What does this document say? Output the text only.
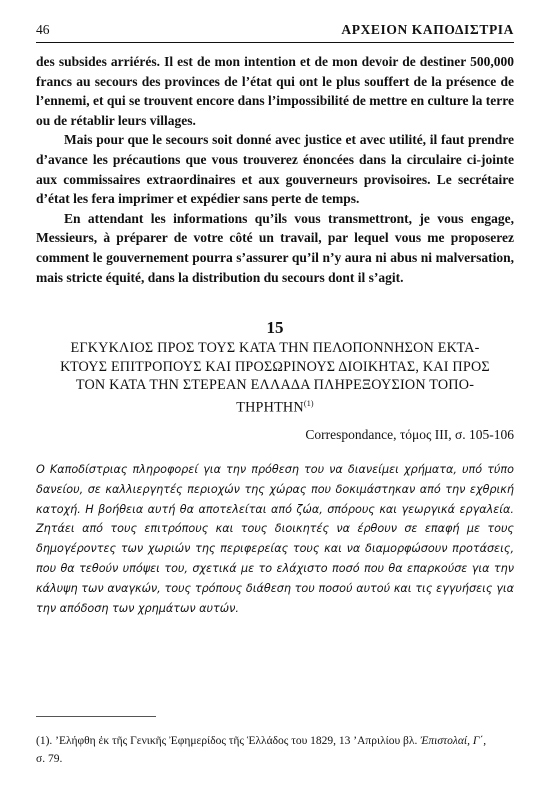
46	ΑΡΧΕΙΟΝ ΚΑΠΟΔΙΣΤΡΙΑ

des subsides arriérés. Il est de mon intention et de mon devoir de destiner 500,000 francs au secours des provinces de l’état qui ont le plus souffert de la présence de l’ennemi, et qui se trouvent encore dans l’impossibilité de mettre en culture la terre ou de rétablir leurs villages.

Mais pour que le secours soit donné avec justice et avec utilité, il faut prendre d’avance les précautions que vous trouverez énoncées dans la circulaire ci-jointe aux commissaires extraordinaires et aux gouverneurs provisoires. Le secrétaire d’état les fera imprimer et expédier sans perte de temps.

En attendant les informations qu’ils vous transmettront, je vous engage, Messieurs, à préparer de votre côté un travail, par lequel vous me proposerez comment le gouvernement pourra s’assurer qu’il n’y aura ni abus ni malversation, mais stricte équité, dans la distribution du secours dont il s’agit.

15
ΕΓΚΥΚΛΙΟΣ ΠΡΟΣ ΤΟΥΣ ΚΑΤΑ ΤΗΝ ΠΕΛΟΠΟΝΝΗΣΟΝ ΕΚΤΑ-
ΚΤΟΥΣ ΕΠΙΤΡΟΠΟΥΣ ΚΑΙ ΠΡΟΣΩΡΙΝΟΥΣ ΔΙΟΙΚΗΤΑΣ, ΚΑΙ ΠΡΟΣ
ΤΟΝ ΚΑΤΑ ΤΗΝ ΣΤΕΡΕΑΝ ΕΛΛΑΔΑ ΠΛΗΡΕΞΟΥΣΙΟΝ ΤΟΠΟ-
ΤΗΡΗΤΗΝ$^{(1)}$
Correspondance, τόμος ΙΙΙ, σ. 105-106
Ο Καποδίστριας πληροφορεί για την πρόθεση του να διανείμει χρήματα, υπό τύπο δανείου, σε καλλιεργητές περιοχών της χώρας που δοκιμάστηκαν από την εχθρική κατοχή. Η βοήθεια αυτή θα αποτελείται από ζώα, σπόρους και γεωργικά εργαλεία. Ζητάει από τους επιτρόπους και τους διοικητές να έρθουν σε επαφή με τους δημογέροντες των χωριών της περιφερείας τους και να διαμορφώσουν προτάσεις, που θα τεθούν υπόψει του, σχετικά με το ελάχιστο ποσό που θα επαρκούσε για την κάλυψη των αναγκών, τους τρόπους διάθεση του ποσού αυτού και τις εγγυήσεις για την απόδοση των χρημάτων αυτών.
(1). ’Ελήφθη ἐκ τῆς Γενικῆς Ἐφημερίδος τῆς Ἑλλάδος του 1829, 13 ’Απριλίου βλ. Ἐπιστολαί, Γ΄,
σ. 79.
